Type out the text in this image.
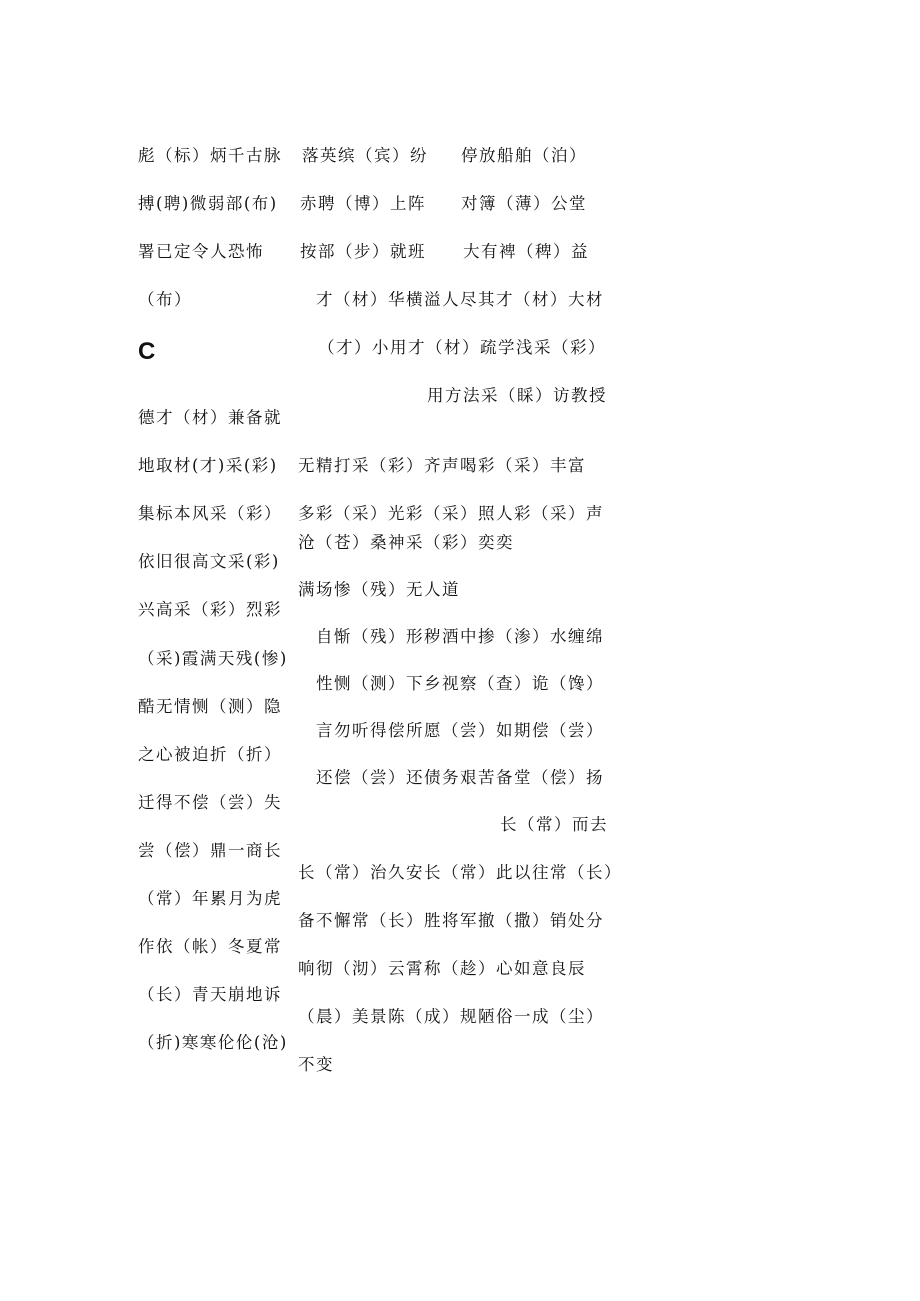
彪（标）炳千古脉
搏(聘)微弱部(布)
署已定令人恐怖
（布）
C
德才（材）兼备就
地取材(才)采(彩)
集标本风采（彩）
依旧很高文采(彩)
兴高采（彩）烈彩
（采)霞满天残(惨)
酷无情恻（测）隐
之心被迫折（折）
迁得不偿（尝）失
尝（偿）鼎一商长
（常）年累月为虎
作依（帐）冬夏常
（长）青天崩地诉
（折)寒寒伦伦(沧)
落英缤（宾）纷
赤聘（博）上阵
按部（步）就班
才（材）华横溢人尽其才（材）大材
（才）小用才（材）疏学浅采（彩）
用方法采（睬）访教授
无精打采（彩）齐声喝彩（采）丰富
多彩（采）光彩（采）照人彩（采）声
沧（苍）桑神采（彩）奕奕
满场惨（残）无人道
自惭（残）形秽酒中掺（渗）水缠绵
性恻（测）下乡视察（查）诡（馋）
言勿听得偿所愿（尝）如期偿（尝）
还偿（尝）还债务艰苦备堂（偿）扬
长（常）而去
长（常）治久安长（常）此以往常（长）
备不懈常（长）胜将军撤（撒）销处分
响彻（沏）云霄称（趁）心如意良辰
（晨）美景陈（成）规陋俗一成（尘）
不变
停放船舶（泊）
对簿（薄）公堂
大有裨（稗）益
